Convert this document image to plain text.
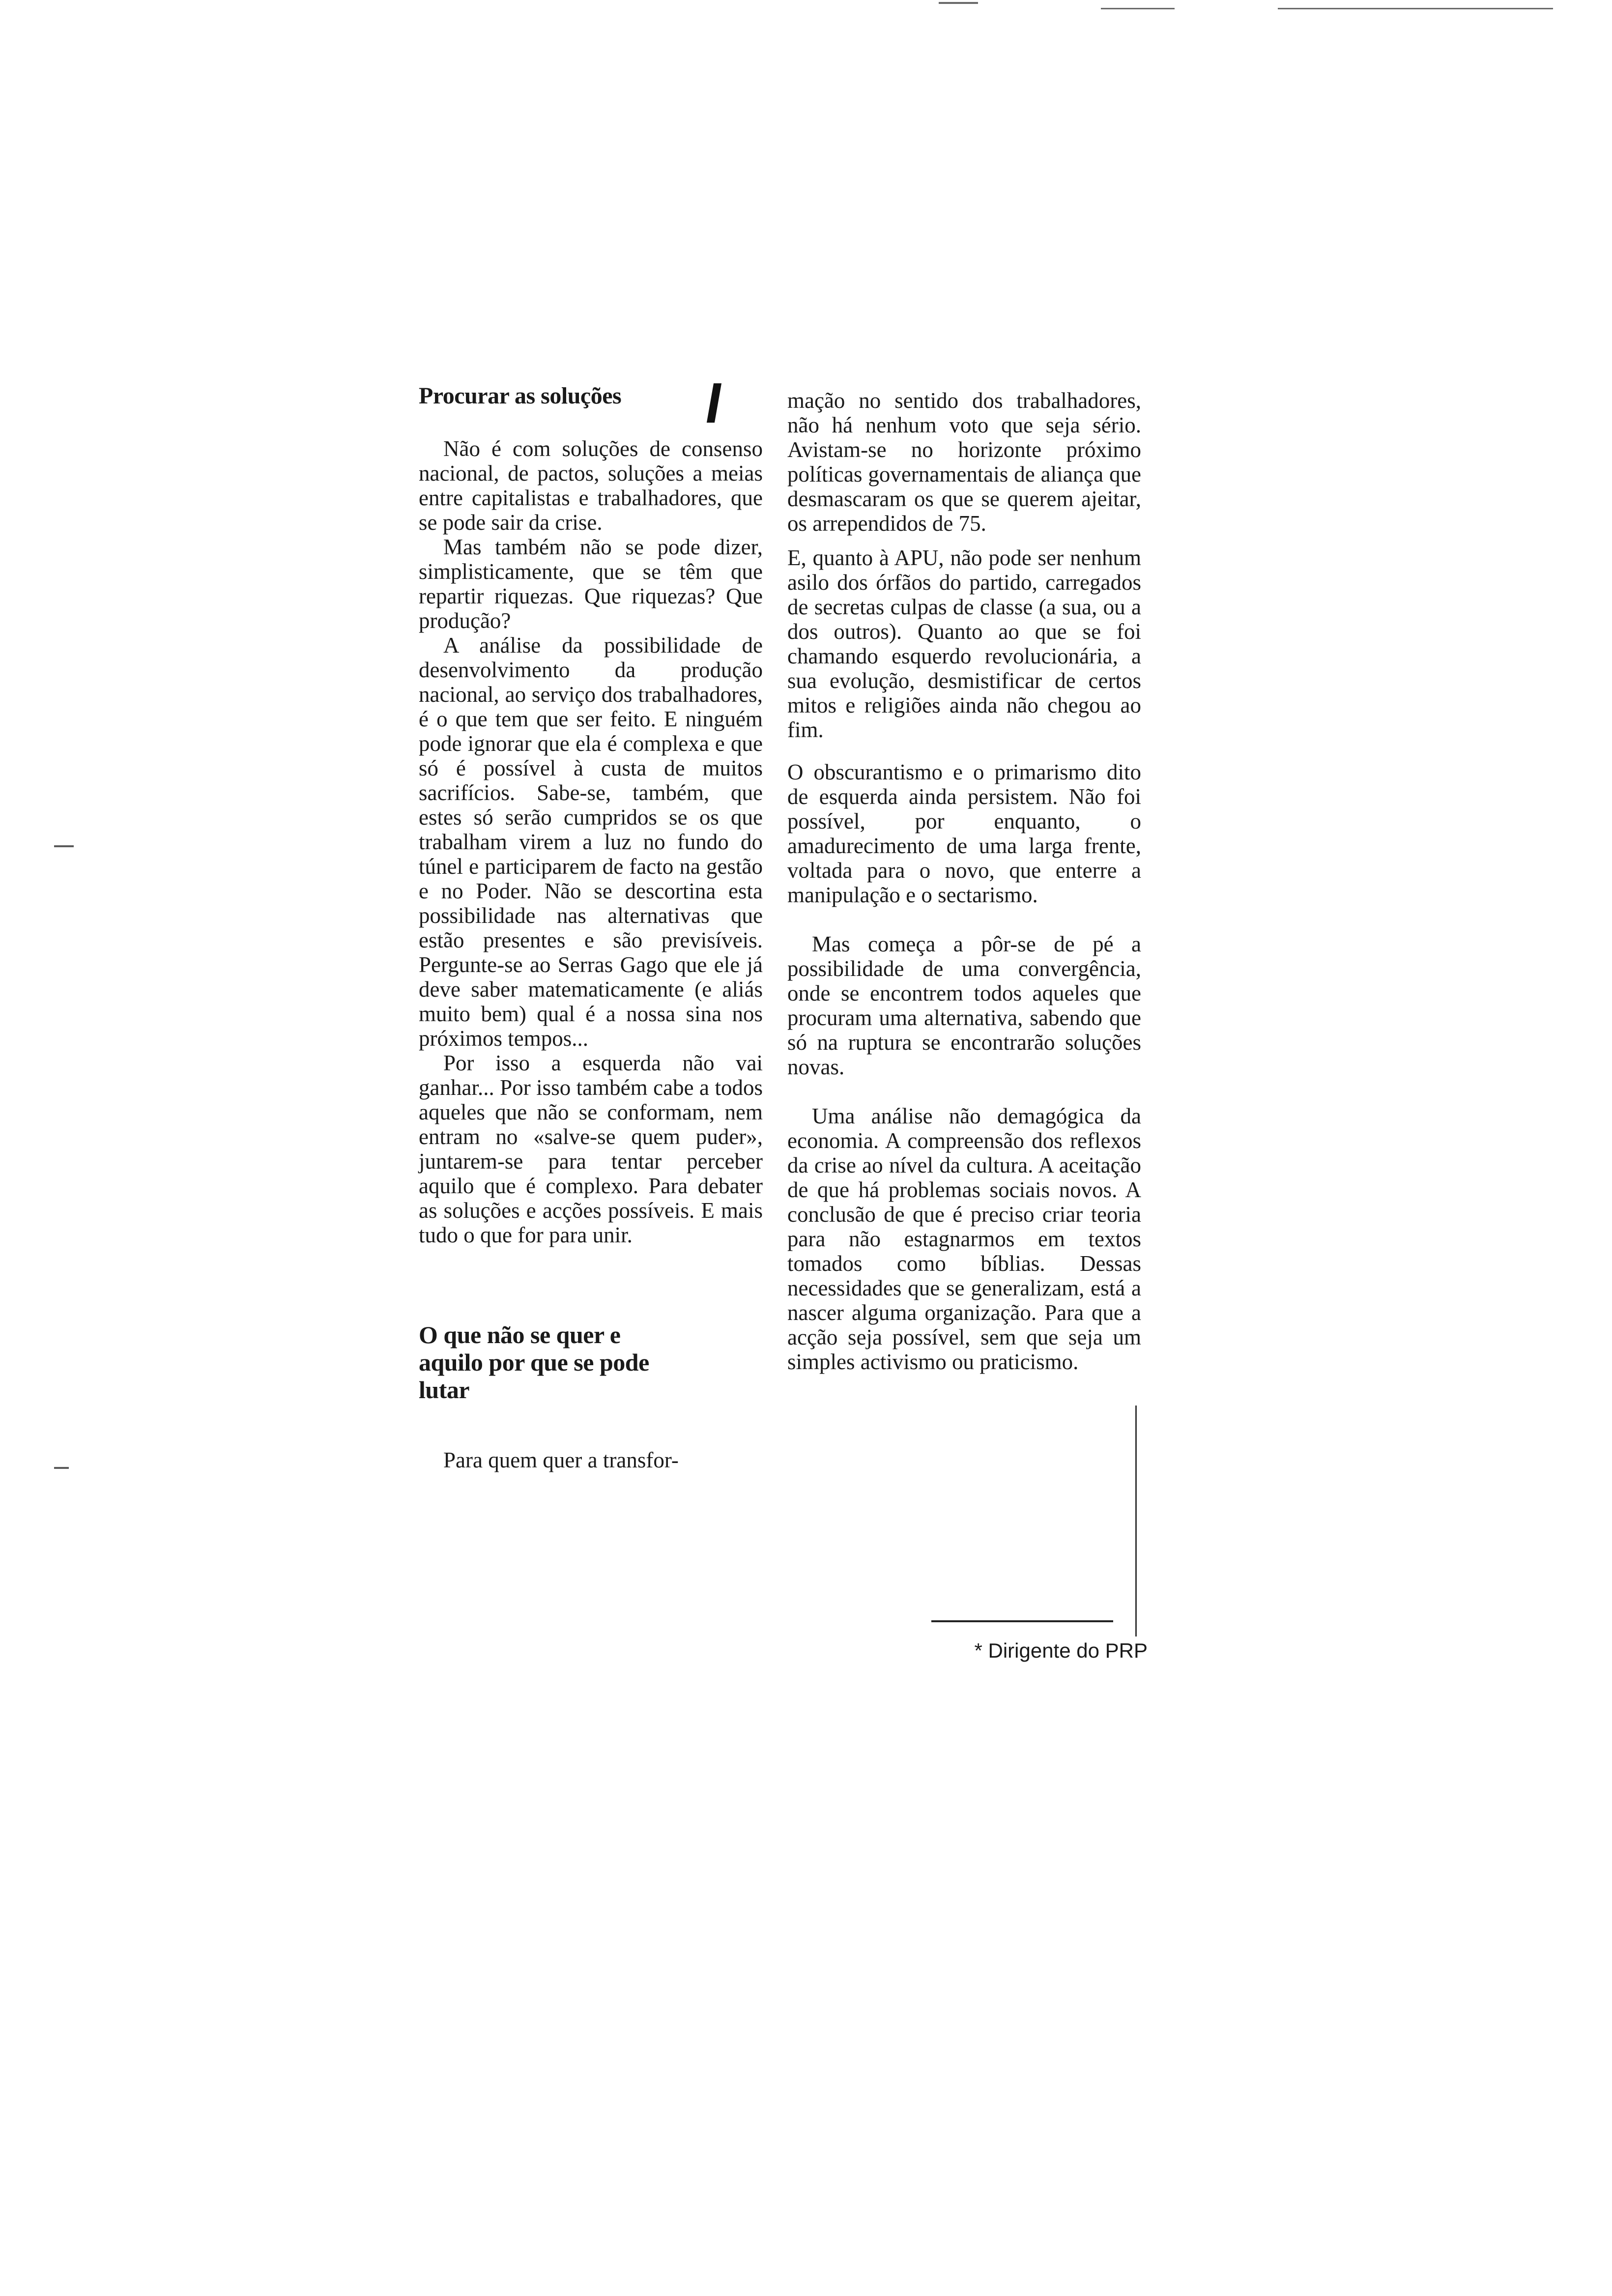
Procurar as soluções

Não é com soluções de consenso nacional, de pactos, soluções a meias entre capitalistas e trabalhadores, que se pode sair da crise.

Mas também não se pode dizer, simplisticamente, que se têm que repartir riquezas. Que riquezas? Que produção?

A análise da possibilidade de desenvolvimento da produção nacional, ao serviço dos trabalhadores, é o que tem que ser feito. E ninguém pode ignorar que ela é complexa e que só é possível à custa de muitos sacrifícios. Sabe-se, também, que estes só serão cumpridos se os que trabalham virem a luz no fundo do túnel e participarem de facto na gestão e no Poder. Não se descortina esta possibilidade nas alternativas que estão presentes e são previsíveis. Pergunte-se ao Serras Gago que ele já deve saber matematicamente (e aliás muito bem) qual é a nossa sina nos próximos tempos...

Por isso a esquerda não vai ganhar... Por isso também cabe a todos aqueles que não se conformam, nem entram no «salve-se quem puder», juntarem-se para tentar perceber aquilo que é complexo. Para debater as soluções e acções possíveis. E mais tudo o que for para unir.

O que não se quer e aquilo por que se pode lutar

Para quem quer a transfor-

mação no sentido dos trabalhadores, não há nenhum voto que seja sério. Avistam-se no horizonte próximo políticas governamentais de aliança que desmascaram os que se querem ajeitar, os arrependidos de 75.

E, quanto à APU, não pode ser nenhum asilo dos órfãos do partido, carregados de secretas culpas de classe (a sua, ou a dos outros). Quanto ao que se foi chamando esquerdo revolucionária, a sua evolução, desmistificar de certos mitos e religiões ainda não chegou ao fim.

O obscurantismo e o primarismo dito de esquerda ainda persistem. Não foi possível, por enquanto, o amadurecimento de uma larga frente, voltada para o novo, que enterre a manipulação e o sectarismo.

Mas começa a pôr-se de pé a possibilidade de uma convergência, onde se encontrem todos aqueles que procuram uma alternativa, sabendo que só na ruptura se encontrarão soluções novas.

Uma análise não demagógica da economia. A compreensão dos reflexos da crise ao nível da cultura. A aceitação de que há problemas sociais novos. A conclusão de que é preciso criar teoria para não estagnarmos em textos tomados como bíblias. Dessas necessidades que se generalizam, está a nascer alguma organização. Para que a acção seja possível, sem que seja um simples activismo ou praticismo.

* Dirigente do PRP
